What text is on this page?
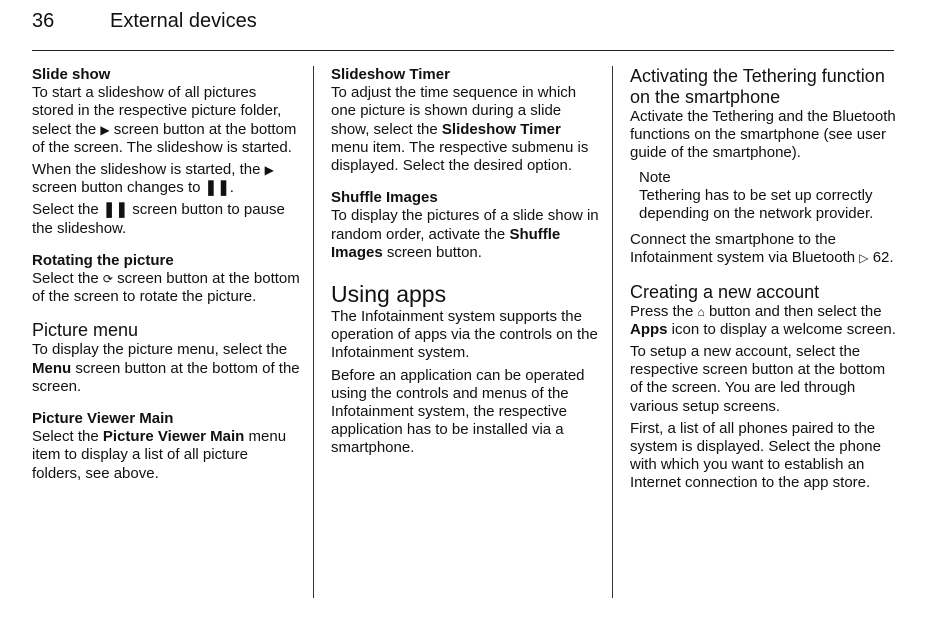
36	External devices
Slide show

To start a slideshow of all pictures stored in the respective picture folder, select the ▶ screen button at the bottom of the screen. The slideshow is started.

When the slideshow is started, the ▶ screen button changes to ❚❚.

Select the ❚❚ screen button to pause the slideshow.

Rotating the picture

Select the ⟳ screen button at the bottom of the screen to rotate the picture.

Picture menu

To display the picture menu, select the Menu screen button at the bottom of the screen.

Picture Viewer Main

Select the Picture Viewer Main menu item to display a list of all picture folders, see above.

Slideshow Timer

To adjust the time sequence in which one picture is shown during a slide show, select the Slideshow Timer menu item. The respective submenu is displayed. Select the desired option.

Shuffle Images

To display the pictures of a slide show in random order, activate the Shuffle Images screen button.

Using apps

The Infotainment system supports the operation of apps via the controls on the Infotainment system.

Before an application can be operated using the controls and menus of the Infotainment system, the respective application has to be installed via a smartphone.

Activating the Tethering function on the smartphone

Activate the Tethering and the Bluetooth functions on the smartphone (see user guide of the smartphone).

Note

Tethering has to be set up correctly depending on the network provider.

Connect the smartphone to the Infotainment system via Bluetooth ▷ 62.

Creating a new account

Press the ⌂ button and then select the Apps icon to display a welcome screen.

To setup a new account, select the respective screen button at the bottom of the screen. You are led through various setup screens.

First, a list of all phones paired to the system is displayed. Select the phone with which you want to establish an Internet connection to the app store.
